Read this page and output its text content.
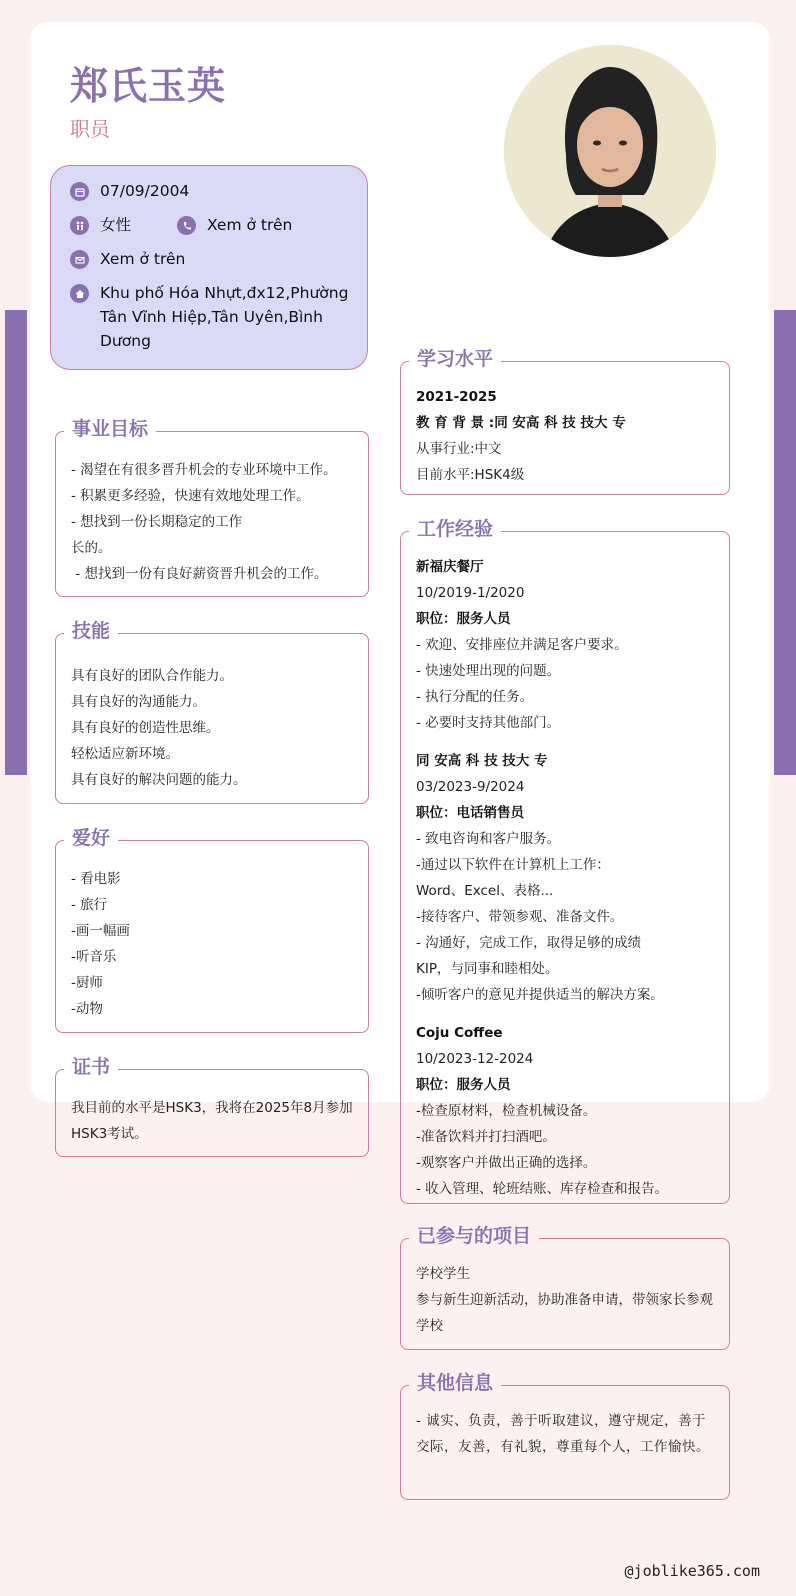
郑氏玉英
职员
07/09/2004
女性	Xem ở trên
Xem ở trên
Khu phố Hóa Nhựt,đx12,Phường Tân Vĩnh Hiệp,Tân Uyên,Bình Dương
事业目标
- 渴望在有很多晋升机会的专业环境中工作。
- 积累更多经验，快速有效地处理工作。
- 想找到一份长期稳定的工作
长的。
- 想找到一份有良好薪资晋升机会的工作。
技能
具有良好的团队合作能力。
具有良好的沟通能力。
具有良好的创造性思维。
轻松适应新环境。
具有良好的解决问题的能力。
爱好
- 看电影
- 旅行
-画一幅画
-听音乐
-厨师
-动物
证书
我目前的水平是HSK3，我将在2025年8月参加HSK3考试。
学习水平
2021-2025
教 育 背 景 :同 安高 科 技 技大 专
从事行业:中文
目前水平:HSK4级
工作经验
新福庆餐厅
10/2019-1/2020
职位：服务人员
- 欢迎、安排座位并满足客户要求。
- 快速处理出现的问题。
- 执行分配的任务。
- 必要时支持其他部门。
同 安高 科 技 技大 专
03/2023-9/2024
职位：电话销售员
- 致电咨询和客户服务。
-通过以下软件在计算机上工作：
Word、Excel、表格...
-接待客户、带领参观、准备文件。
- 沟通好，完成工作，取得足够的成绩
KIP，与同事和睦相处。
-倾听客户的意见并提供适当的解决方案。
Coju Coffee
10/2023-12-2024
职位：服务人员
-检查原材料，检查机械设备。
-准备饮料并打扫酒吧。
-观察客户并做出正确的选择。
- 收入管理、轮班结账、库存检查和报告。
已参与的项目
学校学生
参与新生迎新活动，协助准备申请，带领家长参观学校
其他信息
- 诚实、负责，善于听取建议，遵守规定，善于交际，友善，有礼貌，尊重每个人，工作愉快。
@joblike365.com
